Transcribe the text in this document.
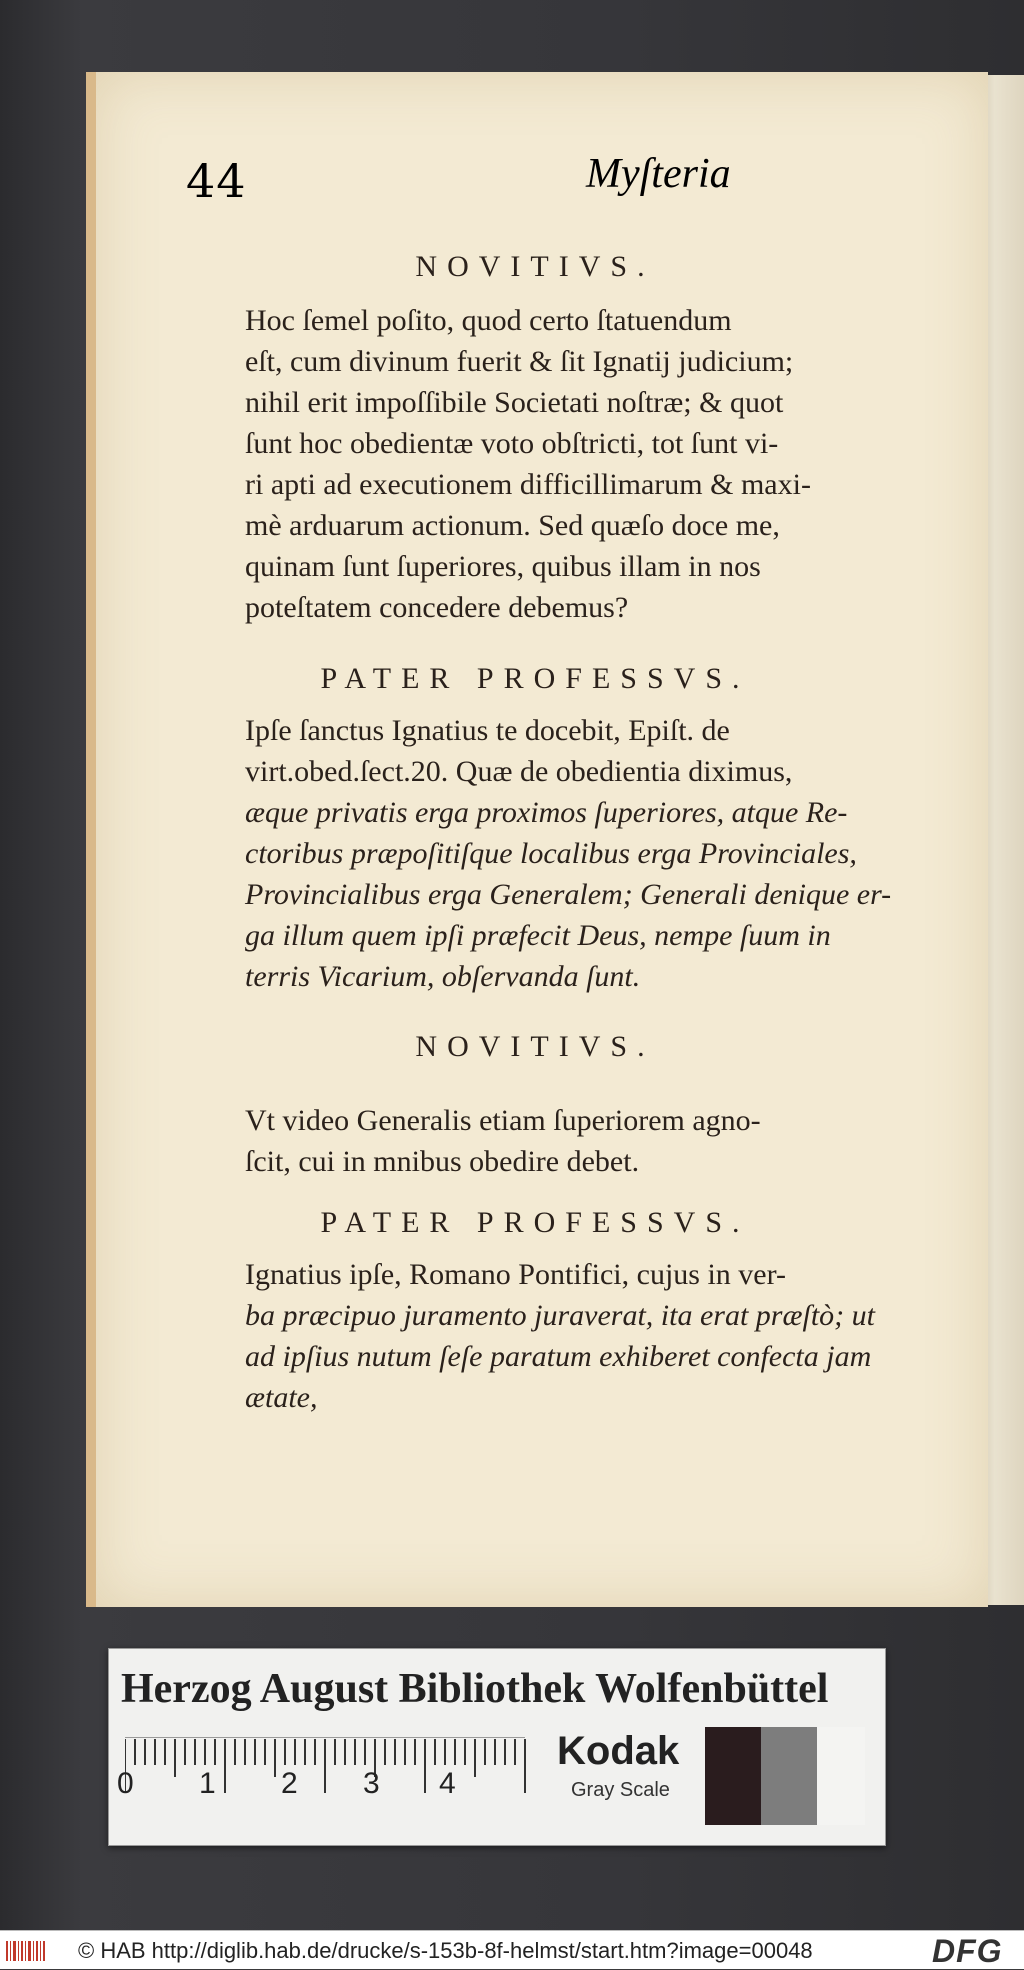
44	Myſteria
NOVITIVS.
Hoc ſemel poſito, quod certo ſtatuendum
eſt, cum divinum fuerit & ſit Ignatij judicium;
nihil erit impoſſibile Societati noſtræ; & quot
ſunt hoc obedientæ voto obſtricti, tot ſunt vi-
ri apti ad executionem difficillimarum & maxi-
mè arduarum actionum. Sed quæſo doce me,
quinam ſunt ſuperiores, quibus illam in nos
poteſtatem concedere debemus?
PATER PROFESSVS.
Ipſe ſanctus Ignatius te docebit, Epiſt. de
virt.obed.ſect.20. Quæ de obedientia diximus,
æque privatis erga proximos ſuperiores, atque Re-
ctoribus præpoſitiſque localibus erga Provinciales,
Provincialibus erga Generalem; Generali denique er-
ga illum quem ipſi præfecit Deus, nempe ſuum in
terris Vicarium, obſervanda ſunt.
NOVITIVS.
Vt video Generalis etiam ſuperiorem agno-
ſcit, cui in mnibus obedire debet.
PATER PROFESSVS.
Ignatius ipſe, Romano Pontifici, cujus in ver-
ba præcipuo juramento juraverat, ita erat præſtò; ut
ad ipſius nutum ſeſe paratum exhiberet confecta jam
ætate,
Herzog August Bibliothek Wolfenbüttel
0 1 2 3 4
Kodak
Gray Scale
© HAB http://diglib.hab.de/drucke/s-153b-8f-helmst/start.htm?image=00048	DFG
